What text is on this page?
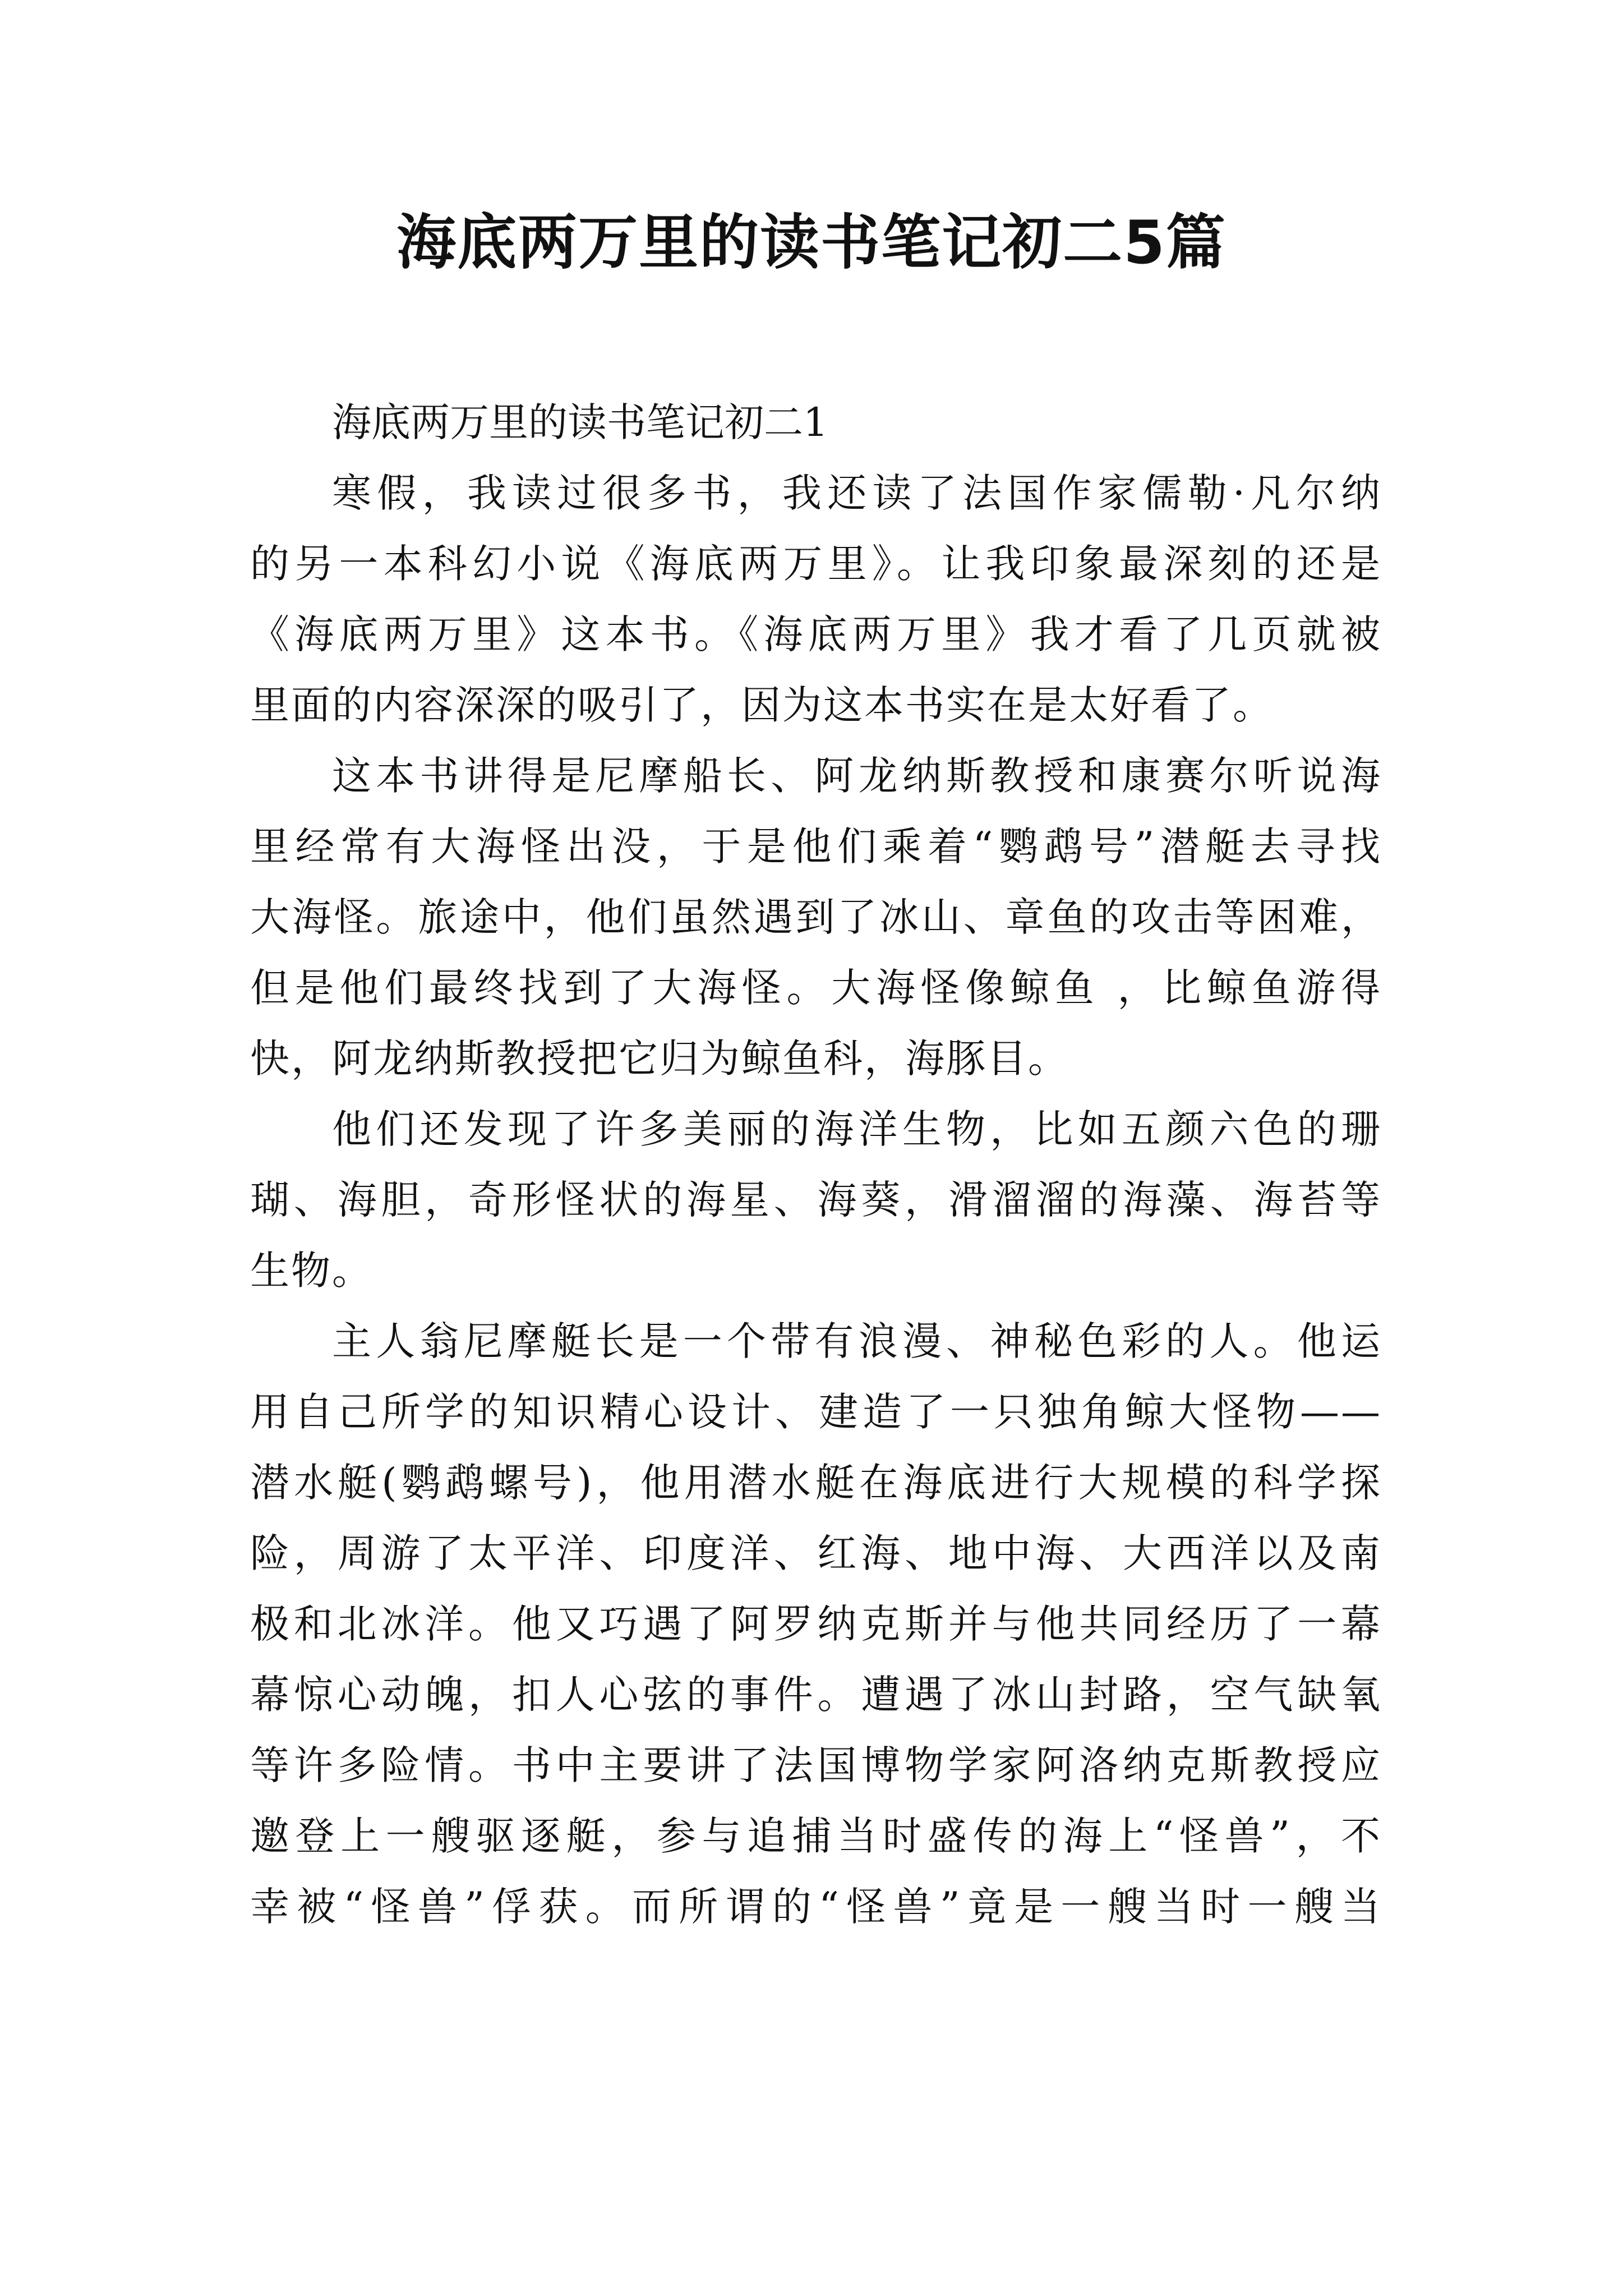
海底两万里的读书笔记初二5篇

海底两万里的读书笔记初二1

寒假，我读过很多书，我还读了法国作家儒勒·凡尔纳
的另一本科幻小说《海底两万里》。让我印象最深刻的还是
《海底两万里》这本书。《海底两万里》我才看了几页就被
里面的内容深深的吸引了，因为这本书实在是太好看了。

这本书讲得是尼摩船长、阿龙纳斯教授和康赛尔听说海
里经常有大海怪出没，于是他们乘着“鹦鹉号”潜艇去寻找
大海怪。旅途中，他们虽然遇到了冰山、章鱼的攻击等困难，
但是他们最终找到了大海怪。大海怪像鲸鱼 ，比鲸鱼游得
快，阿龙纳斯教授把它归为鲸鱼科，海豚目。

他们还发现了许多美丽的海洋生物，比如五颜六色的珊
瑚、海胆，奇形怪状的海星、海葵，滑溜溜的海藻、海苔等
生物。

主人翁尼摩艇长是一个带有浪漫、神秘色彩的人。他运
用自己所学的知识精心设计、建造了一只独角鲸大怪物——
潜水艇(鹦鹉螺号)，他用潜水艇在海底进行大规模的科学探
险，周游了太平洋、印度洋、红海、地中海、大西洋以及南
极和北冰洋。他又巧遇了阿罗纳克斯并与他共同经历了一幕
幕惊心动魄，扣人心弦的事件。遭遇了冰山封路，空气缺氧
等许多险情。书中主要讲了法国博物学家阿洛纳克斯教授应
邀登上一艘驱逐艇，参与追捕当时盛传的海上“怪兽”，不
幸被“怪兽”俘获。而所谓的“怪兽”竟是一艘当时一艘当
